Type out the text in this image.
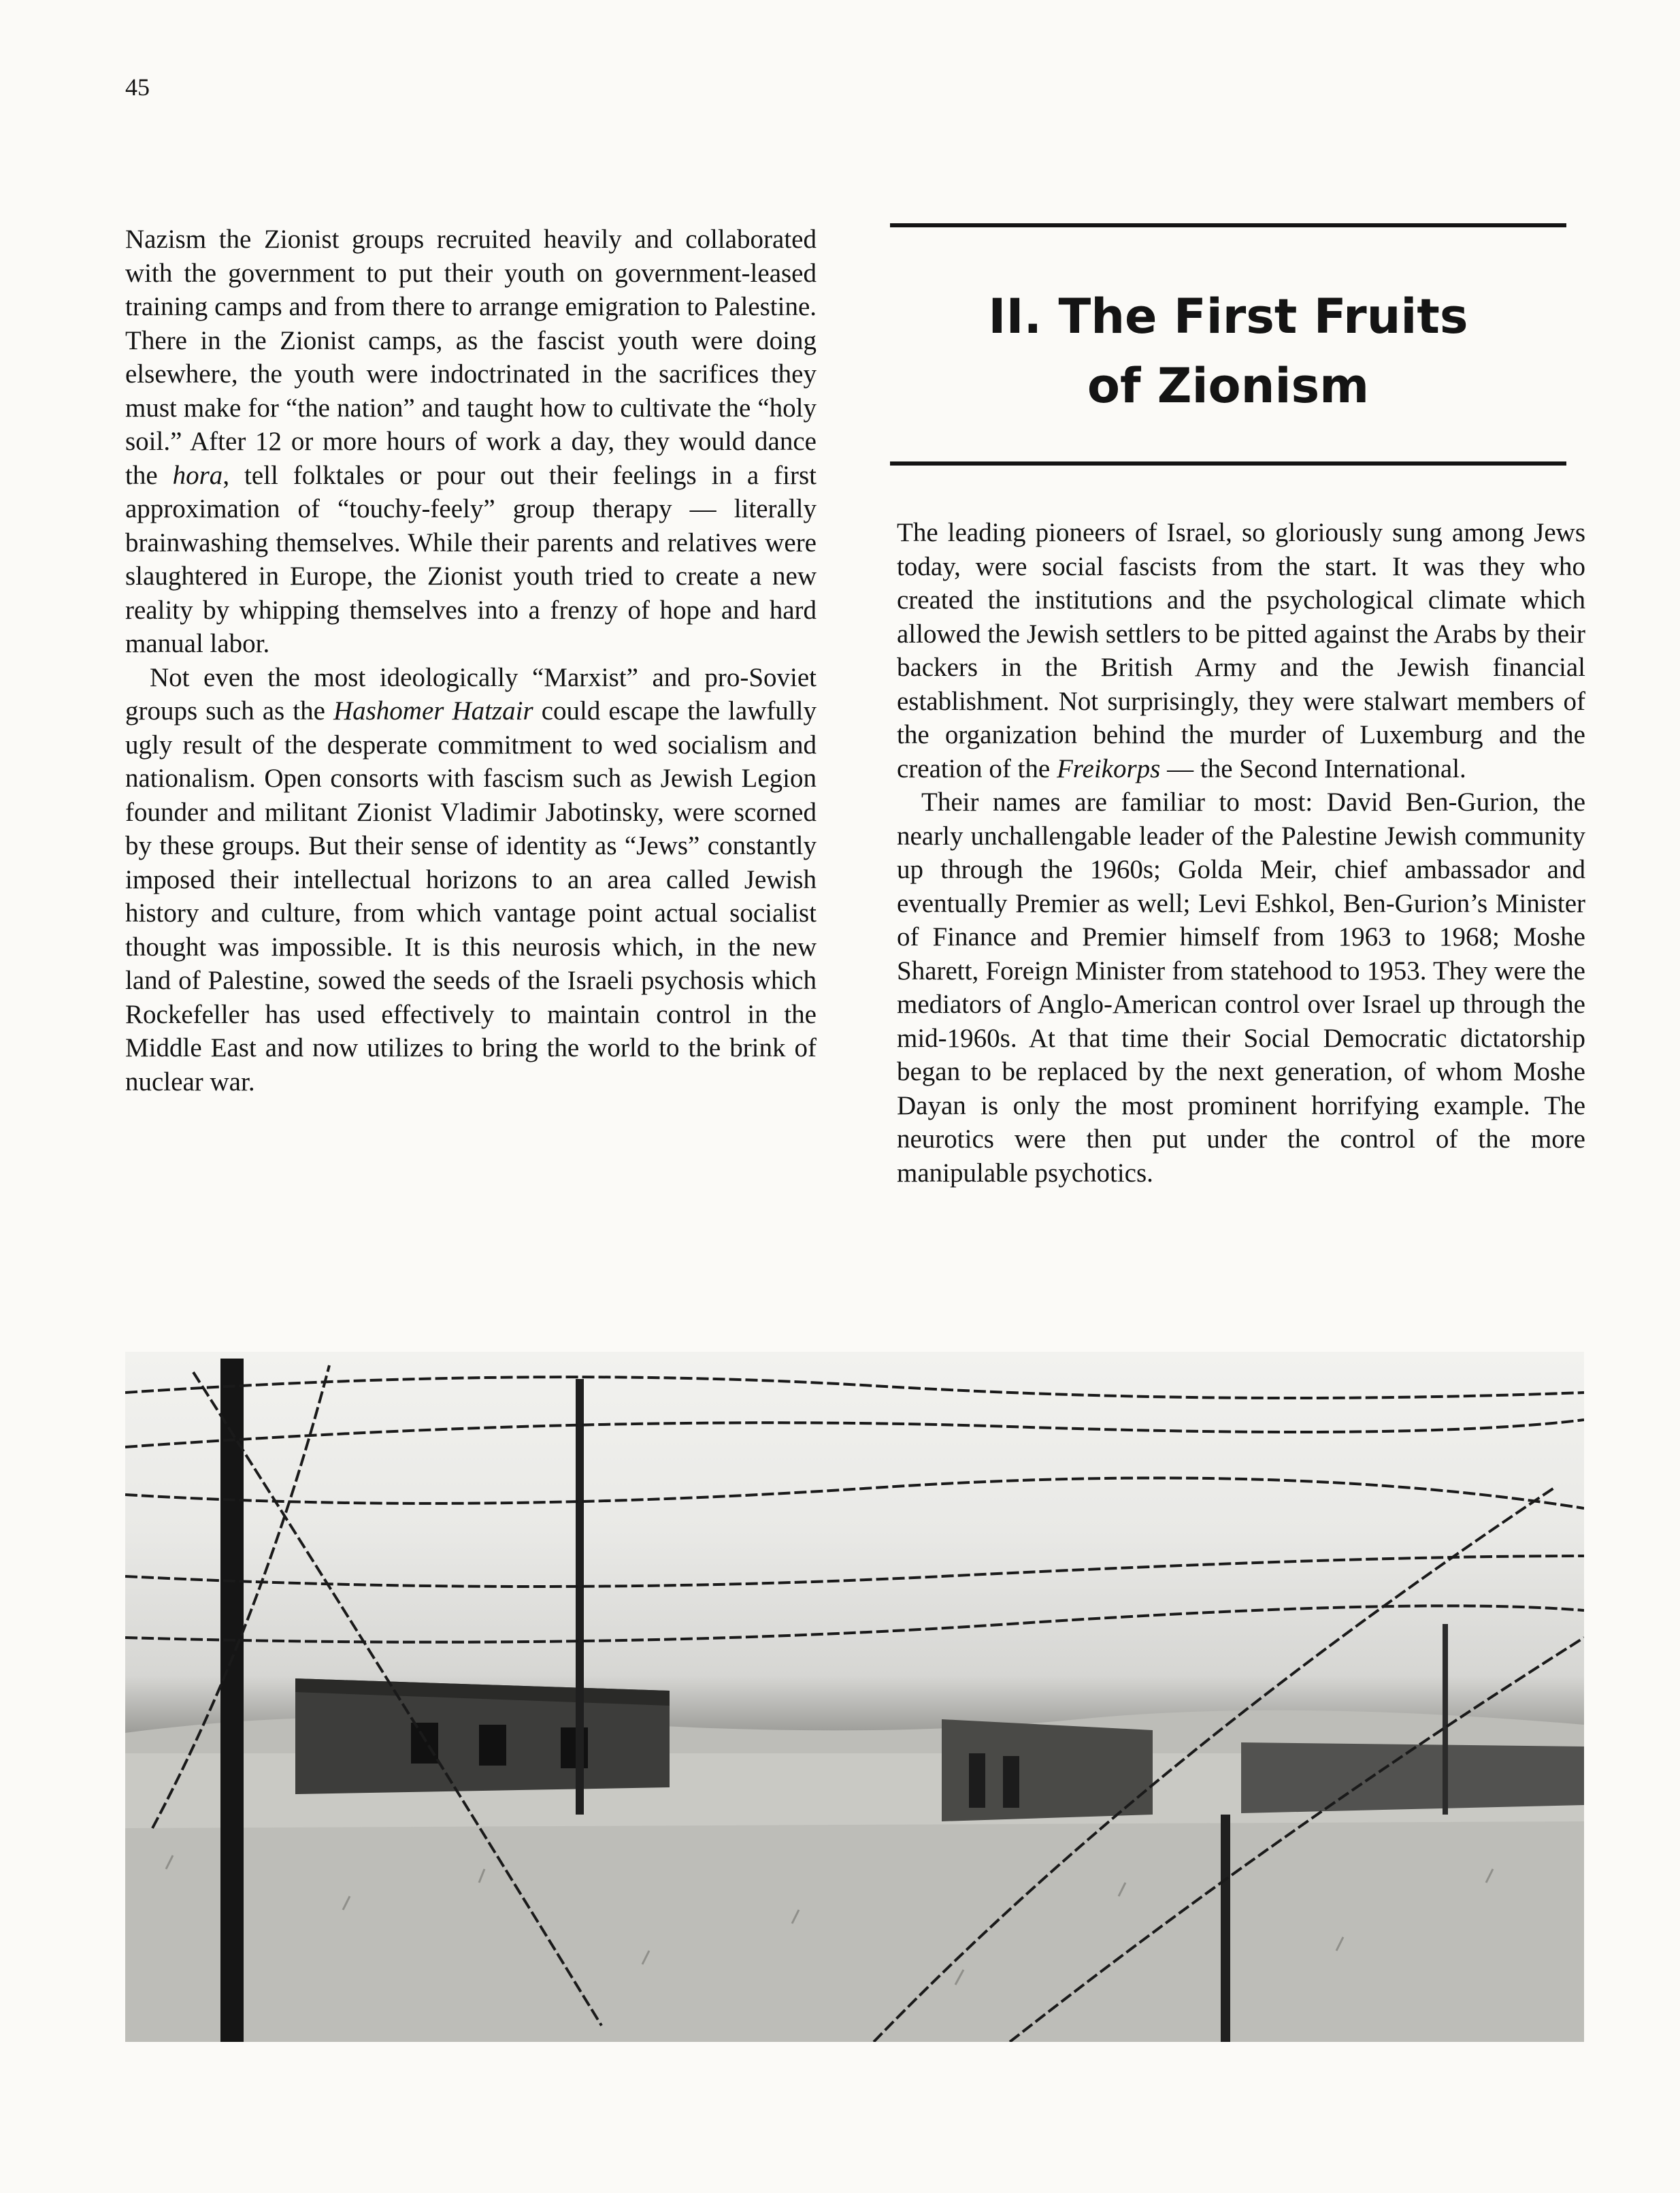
45

Nazism the Zionist groups recruited heavily and collaborated with the government to put their youth on government-leased training camps and from there to arrange emigration to Palestine. There in the Zionist camps, as the fascist youth were doing elsewhere, the youth were indoctrinated in the sacrifices they must make for “the nation” and taught how to cultivate the “holy soil.” After 12 or more hours of work a day, they would dance the hora, tell folktales or pour out their feelings in a first approximation of “touchy-feely” group therapy — literally brainwashing themselves. While their parents and relatives were slaughtered in Europe, the Zionist youth tried to create a new reality by whipping themselves into a frenzy of hope and hard manual labor.

Not even the most ideologically “Marxist” and pro-Soviet groups such as the Hashomer Hatzair could escape the lawfully ugly result of the desperate commitment to wed socialism and nationalism. Open consorts with fascism such as Jewish Legion founder and militant Zionist Vladimir Jabotinsky, were scorned by these groups. But their sense of identity as “Jews” constantly imposed their intellectual horizons to an area called Jewish history and culture, from which vantage point actual socialist thought was impossible. It is this neurosis which, in the new land of Palestine, sowed the seeds of the Israeli psychosis which Rockefeller has used effectively to maintain control in the Middle East and now utilizes to bring the world to the brink of nuclear war.

II. The First Fruits
of Zionism

The leading pioneers of Israel, so gloriously sung among Jews today, were social fascists from the start. It was they who created the institutions and the psychological climate which allowed the Jewish settlers to be pitted against the Arabs by their backers in the British Army and the Jewish financial establishment. Not surprisingly, they were stalwart members of the organization behind the murder of Luxemburg and the creation of the Freikorps — the Second International.

Their names are familiar to most: David Ben-Gurion, the nearly unchallengable leader of the Palestine Jewish community up through the 1960s; Golda Meir, chief ambassador and eventually Premier as well; Levi Eshkol, Ben-Gurion’s Minister of Finance and Premier himself from 1963 to 1968; Moshe Sharett, Foreign Minister from statehood to 1953. They were the mediators of Anglo-American control over Israel up through the mid-1960s. At that time their Social Democratic dictatorship began to be replaced by the next generation, of whom Moshe Dayan is only the most prominent horrifying example. The neurotics were then put under the control of the more manipulable psychotics.
